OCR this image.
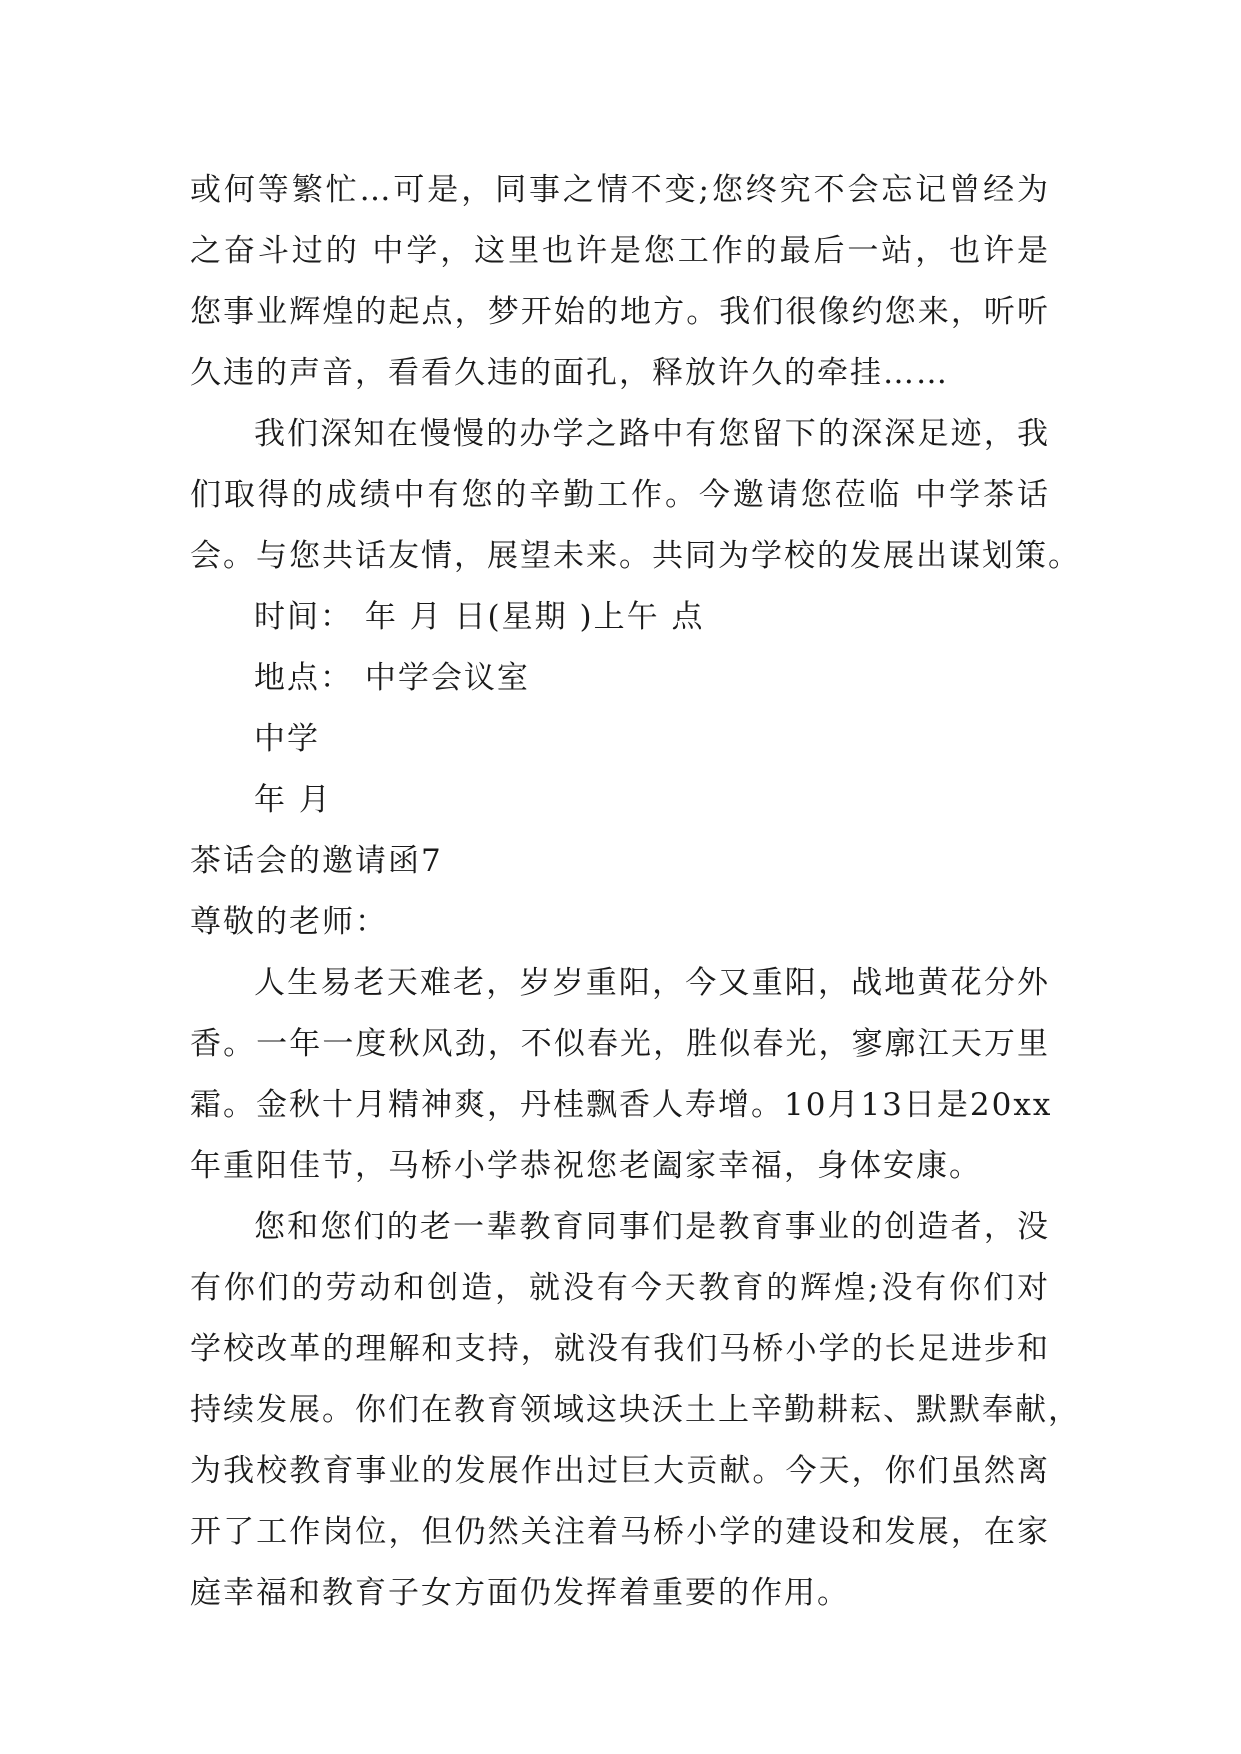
或何等繁忙…可是，同事之情不变;您终究不会忘记曾经为
之奋斗过的 中学，这里也许是您工作的最后一站，也许是
您事业辉煌的起点，梦开始的地方。我们很像约您来，听听
久违的声音，看看久违的面孔，释放许久的牵挂……
我们深知在慢慢的办学之路中有您留下的深深足迹，我
们取得的成绩中有您的辛勤工作。今邀请您莅临 中学茶话
会。与您共话友情，展望未来。共同为学校的发展出谋划策。
时间： 年 月 日(星期 )上午 点
地点： 中学会议室
中学
年 月
茶话会的邀请函7
尊敬的老师：
人生易老天难老，岁岁重阳，今又重阳，战地黄花分外
香。一年一度秋风劲，不似春光，胜似春光，寥廓江天万里
霜。金秋十月精神爽，丹桂飘香人寿增。10月13日是20xx
年重阳佳节，马桥小学恭祝您老阖家幸福，身体安康。
您和您们的老一辈教育同事们是教育事业的创造者，没
有你们的劳动和创造，就没有今天教育的辉煌;没有你们对
学校改革的理解和支持，就没有我们马桥小学的长足进步和
持续发展。你们在教育领域这块沃土上辛勤耕耘、默默奉献，
为我校教育事业的发展作出过巨大贡献。今天，你们虽然离
开了工作岗位，但仍然关注着马桥小学的建设和发展，在家
庭幸福和教育子女方面仍发挥着重要的作用。
